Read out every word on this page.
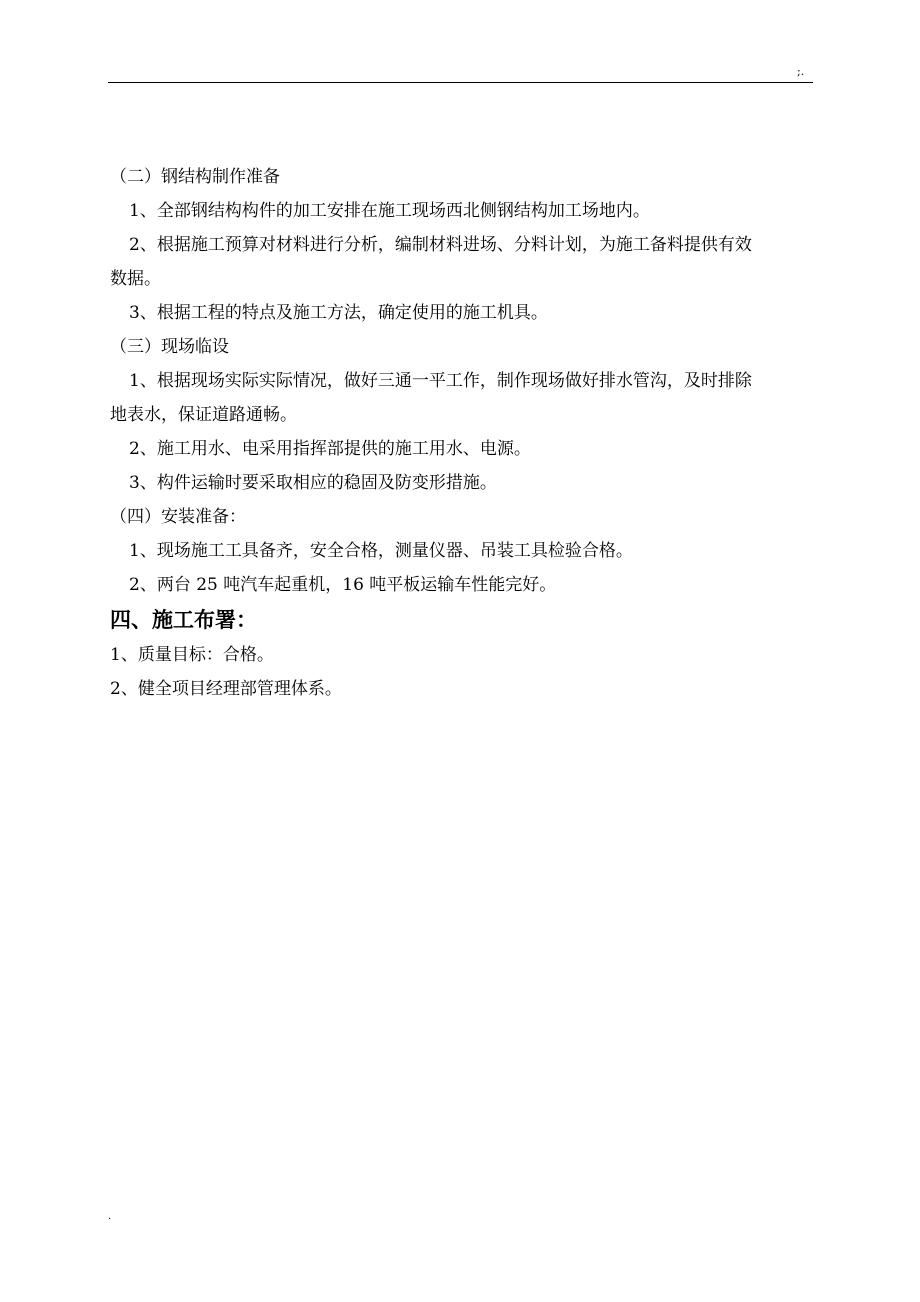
;.
（二）钢结构制作准备
1、全部钢结构构件的加工安排在施工现场西北侧钢结构加工场地内。
2、根据施工预算对材料进行分析，编制材料进场、分料计划，为施工备料提供有效
数据。
3、根据工程的特点及施工方法，确定使用的施工机具。
（三）现场临设
1、根据现场实际实际情况，做好三通一平工作，制作现场做好排水管沟，及时排除
地表水，保证道路通畅。
2、施工用水、电采用指挥部提供的施工用水、电源。
3、构件运输时要采取相应的稳固及防变形措施。
（四）安装准备：
1、现场施工工具备齐，安全合格，测量仪器、吊装工具检验合格。
2、两台 25 吨汽车起重机，16 吨平板运输车性能完好。
四、施工布署：
1、质量目标：合格。
2、健全项目经理部管理体系。
.
